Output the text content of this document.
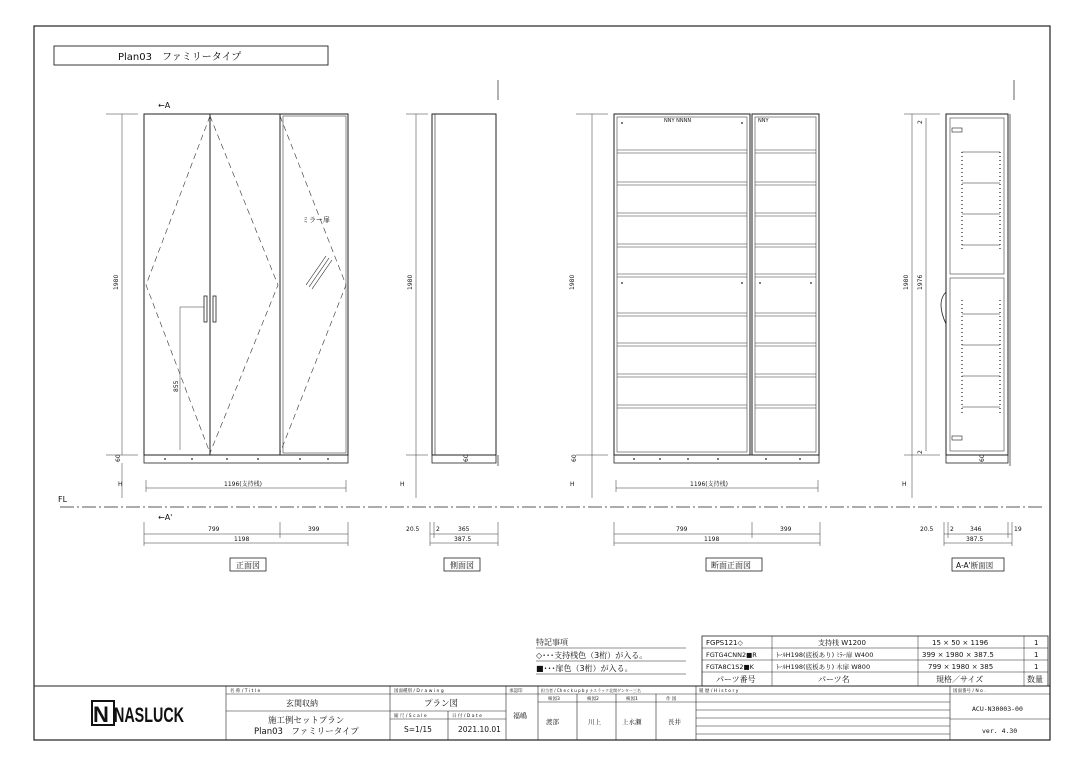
Plan03　ファミリータイプ
FL
←A
←A'
855
ミラー扉
1980
60
H	1196(支持桟)
799	399
1198
正面図
1980
60
H
20.5	2	365
387.5
側面図
NNY NNNN	NNY
1980
60
H	1196(支持桟)
799	399
1198
断面正面図
1980 1976
2
2
60
H
20.5	2	346	19
387.5
A-A'断面図
特記事項
◇･･･支持桟色（3桁）が入る。
■･･･扉色（3桁）が入る。
FGPS121◇	支持桟 W1200	15 × 50 × 1196	1
FGTG4CNN2■R	ﾄｰﾙH198(底板あり) ﾐﾗｰ扉 W400	399 × 1980 × 387.5	1
FGTA8C1S2■K	ﾄｰﾙH198(底板あり) 木扉 W800	799 × 1980 × 385	1
パーツ番号	パーツ名	規格／サイズ	数量
N NASLUCK
名 称 / T i t l e
玄関収納
施工例セットプラン
Plan03　ファミリータイプ
図面種別 / D r a w i n g
プラン図
縮 尺 / S c a l e
S=1/15
日 付 / D a t e
2021.10.01
承認印
福嶋
担当者 / Ch e c k u p b y ナスラック北関ゲンター三名
検図3	検図2	検図1	作 図
渡部	川上	上永瀬	長井
履 歴 / H i s t o r y	図面番号 / N o .
ACU-N30003-00
ver. 4.30
